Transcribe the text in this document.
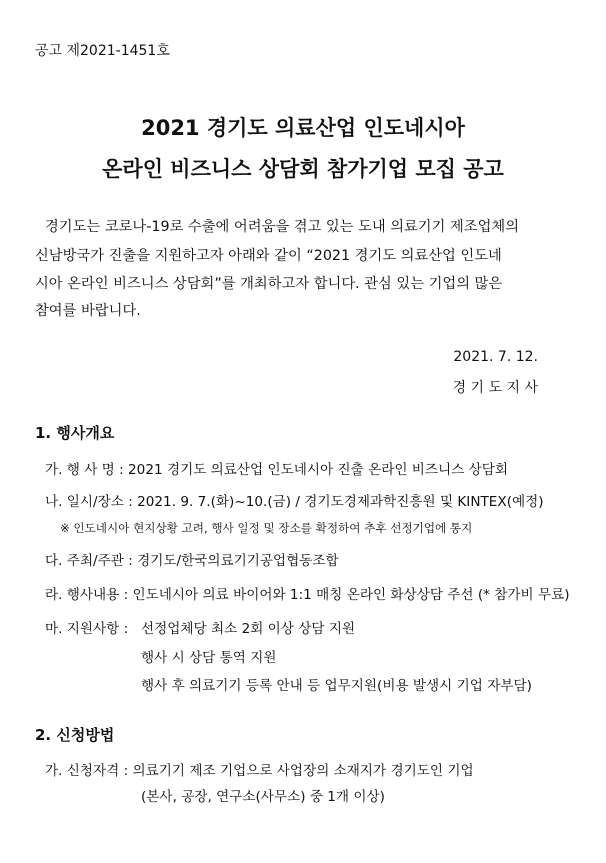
공고 제2021-1451호
2021 경기도 의료산업 인도네시아
온라인 비즈니스 상담회 참가기업 모집 공고
경기도는 코로나-19로 수출에 어려움을 겪고 있는 도내 의료기기 제조업체의
신남방국가 진출을 지원하고자 아래와 같이 “2021 경기도 의료산업 인도네
시아 온라인 비즈니스 상담회”를 개최하고자 합니다. 관심 있는 기업의 많은
참여를 바랍니다.
2021. 7. 12.
경 기 도 지 사
1. 행사개요
가. 행 사 명 : 2021 경기도 의료산업 인도네시아 진출 온라인 비즈니스 상담회
나. 일시/장소 : 2021. 9. 7.(화)~10.(금) / 경기도경제과학진흥원 및 KINTEX(예정)
※ 인도네시아 현지상황 고려, 행사 일정 및 장소를 확정하여 추후 선정기업에 통지
다. 주최/주관 : 경기도/한국의료기기공업협동조합
라. 행사내용 : 인도네시아 의료 바이어와 1:1 매칭 온라인 화상상담 주선 (* 참가비 무료)
마. 지원사항 : 선정업체당 최소 2회 이상 상담 지원
행사 시 상담 통역 지원
행사 후 의료기기 등록 안내 등 업무지원(비용 발생시 기업 자부담)
2. 신청방법
가. 신청자격 : 의료기기 제조 기업으로 사업장의 소재지가 경기도인 기업
(본사, 공장, 연구소(사무소) 중 1개 이상)
